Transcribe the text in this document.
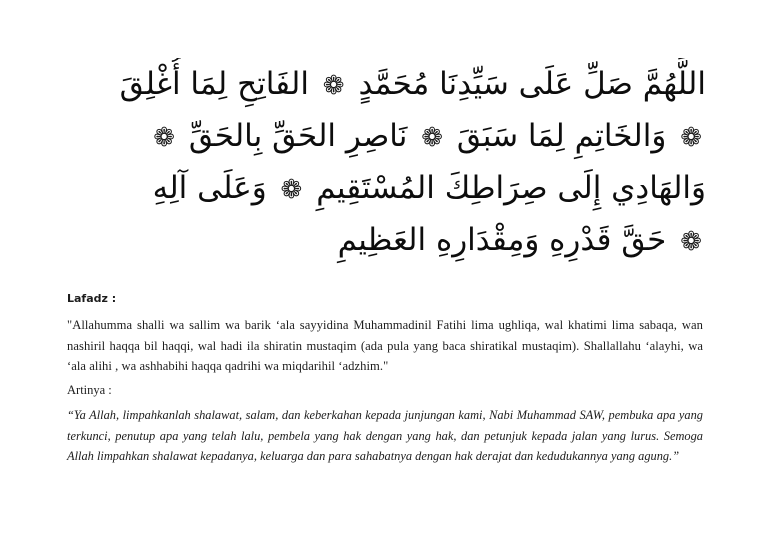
اللَّهُمَّ صَلِّ عَلَى سَيِّدِنَا مُحَمَّدٍ ❁ الفَاتِحِ لِمَا أُغْلِقَ
❁ وَالخَاتِمِ لِمَا سَبَقَ ❁ نَاصِرِ الحَقِّ بِالحَقِّ ❁
وَالهَادِي إِلَى صِرَاطِكَ المُسْتَقِيمِ ❁ وَعَلَى آلِهِ
❁ حَقَّ قَدْرِهِ وَمِقْدَارِهِ العَظِيمِ
Lafadz :
"Allahumma shalli wa sallim wa barik ‘ala sayyidina Muhammadinil Fatihi lima ughliqa, wal khatimi lima sabaqa, wan nashiril haqqa bil haqqi, wal hadi ila shiratin mustaqim (ada pula yang baca shiratikal mustaqim). Shallallahu ‘alayhi, wa ‘ala alihi , wa ashhabihi haqqa qadrihi wa miqdarihil ‘adzhim."
Artinya :
“Ya Allah, limpahkanlah shalawat, salam, dan keberkahan kepada junjungan kami, Nabi Muhammad SAW, pembuka apa yang terkunci, penutup apa yang telah lalu, pembela yang hak dengan yang hak, dan petunjuk kepada jalan yang lurus. Semoga Allah limpahkan shalawat kepadanya, keluarga dan para sahabatnya dengan hak derajat dan kedudukannya yang agung.”
